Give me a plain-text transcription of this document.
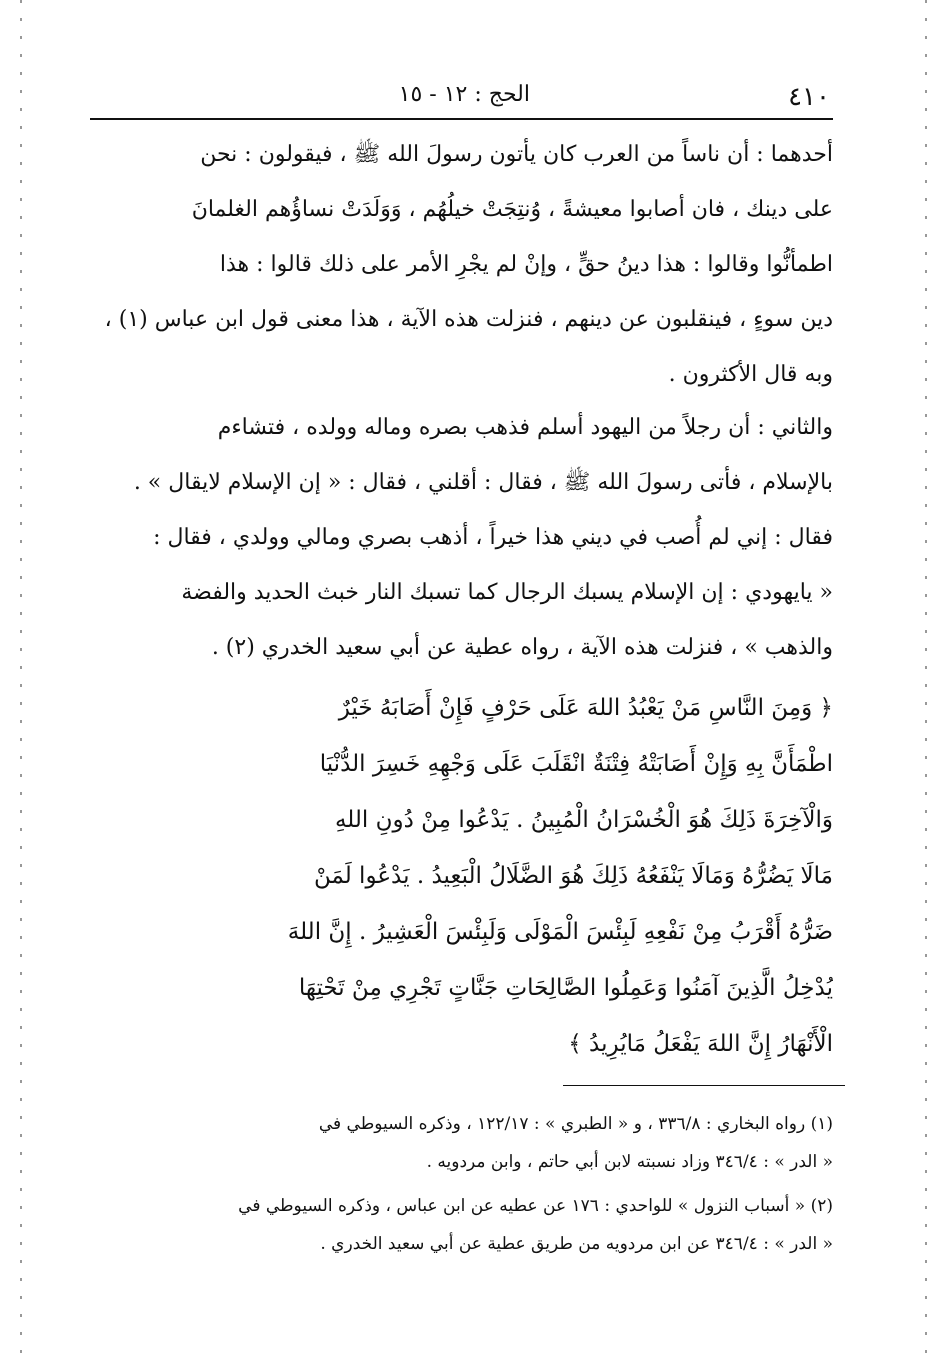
٤١٠
الحج : ١٢ - ١٥
أحدهما : أن ناساً من العرب كان يأتون رسولَ الله ﷺ ، فيقولون : نحن
على دينك ، فان أصابوا معيشةً ، وُنتِجَتْ خيلُهُم ، وَوَلَدَتْ نساؤُهم الغلمانَ
اطمأنُّوا وقالوا : هذا دينُ حقٍّ ، وإنْ لم يجْرِ الأمر على ذلك قالوا : هذا
دين سوءٍ ، فينقلبون عن دينهم ، فنزلت هذه الآية ، هذا معنى قول ابن عباس (١) ،
وبه قال الأكثرون .
والثاني : أن رجلاً من اليهود أسلم فذهب بصره وماله وولده ، فتشاءم
بالإسلام ، فأتى رسولَ الله ﷺ ، فقال : أقلني ، فقال : « إن الإسلام لايقال » .
فقال : إني لم أُصب في ديني هذا خيراً ، أذهب بصري ومالي وولدي ، فقال :
« يايهودي : إن الإسلام يسبك الرجال كما تسبك النار خبث الحديد والفضة
والذهب » ، فنزلت هذه الآية ، رواه عطية عن أبي سعيد الخدري (٢) .
﴿ وَمِنَ النَّاسِ مَنْ يَعْبُدُ اللهَ عَلَى حَرْفٍ فَإِنْ أَصَابَهُ خَيْرٌ
اطْمَأَنَّ بِهِ وَإِنْ أَصَابَتْهُ فِتْنَةٌ انْقَلَبَ عَلَى وَجْهِهِ خَسِرَ الدُّنْيَا
وَالْآخِرَةَ ذَلِكَ هُوَ الْخُسْرَانُ الْمُبِينُ . يَدْعُوا مِنْ دُونِ اللهِ
مَالَا يَضُرُّهُ وَمَالَا يَنْفَعُهُ ذَلِكَ هُوَ الضَّلَالُ الْبَعِيدُ . يَدْعُوا لَمَنْ
ضَرُّهُ أَقْرَبُ مِنْ نَفْعِهِ لَبِئْسَ الْمَوْلَى وَلَبِئْسَ الْعَشِيرُ . إِنَّ اللهَ
يُدْخِلُ الَّذِينَ آمَنُوا وَعَمِلُوا الصَّالِحَاتِ جَنَّاتٍ تَجْرِي مِنْ تَحْتِهَا
الْأَنْهَارُ إِنَّ اللهَ يَفْعَلُ مَايُرِيدُ ﴾
(١) رواه البخاري : ٣٣٦/٨ ، و « الطبري » : ١٢٢/١٧ ، وذكره السيوطي في
« الدر » : ٣٤٦/٤ وزاد نسبته لابن أبي حاتم ، وابن مردويه .
(٢) « أسباب النزول » للواحدي : ١٧٦ عن عطيه عن ابن عباس ، وذكره السيوطي في
« الدر » : ٣٤٦/٤ عن ابن مردويه من طريق عطية عن أبي سعيد الخدري .
